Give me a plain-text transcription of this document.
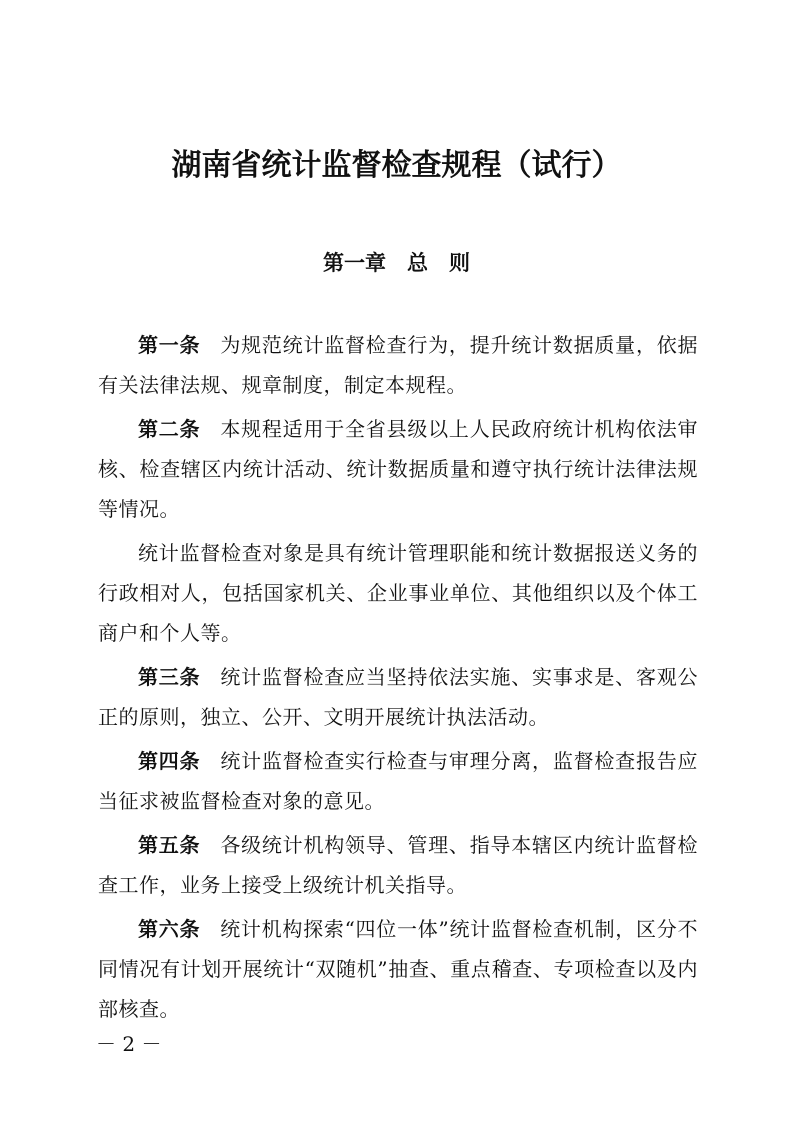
湖南省统计监督检查规程（试行）
第一章　总　则

第一条 为规范统计监督检查行为，提升统计数据质量，依据有关法律法规、规章制度，制定本规程。

第二条 本规程适用于全省县级以上人民政府统计机构依法审核、检查辖区内统计活动、统计数据质量和遵守执行统计法律法规等情况。

统计监督检查对象是具有统计管理职能和统计数据报送义务的行政相对人，包括国家机关、企业事业单位、其他组织以及个体工商户和个人等。

第三条 统计监督检查应当坚持依法实施、实事求是、客观公正的原则，独立、公开、文明开展统计执法活动。

第四条 统计监督检查实行检查与审理分离，监督检查报告应当征求被监督检查对象的意见。

第五条 各级统计机构领导、管理、指导本辖区内统计监督检查工作，业务上接受上级统计机关指导。

第六条 统计机构探索“四位一体”统计监督检查机制，区分不同情况有计划开展统计“双随机”抽查、重点稽查、专项检查以及内部核查。

－ 2 －
